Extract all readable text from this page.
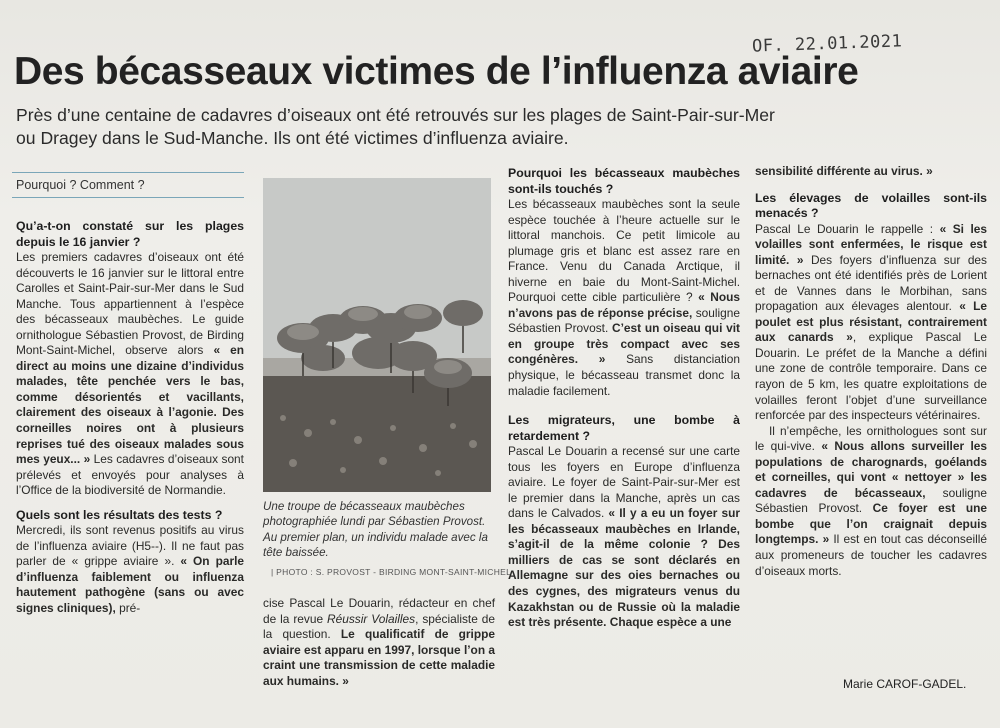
OF. 22.01.2021
Des bécasseaux victimes de l’influenza aviaire
Près d’une centaine de cadavres d’oiseaux ont été retrouvés sur les plages de Saint-Pair-sur-Mer
ou Dragey dans le Sud-Manche. Ils ont été victimes d’influenza aviaire.
Pourquoi ? Comment ?
Qu’a-t-on constaté sur les plages depuis le 16 janvier ?

Les premiers cadavres d’oiseaux ont été découverts le 16 janvier sur le littoral entre Carolles et Saint-Pair-sur-Mer dans le Sud Manche. Tous appartiennent à l’espèce des bécasseaux maubèches. Le guide ornithologue Sébastien Provost, de Birding Mont-Saint-Michel, observe alors « en direct au moins une dizaine d’individus malades, tête penchée vers le bas, comme désorientés et vacillants, clairement des oiseaux à l’agonie. Des corneilles noires ont à plusieurs reprises tué des oiseaux malades sous mes yeux... » Les cadavres d’oiseaux sont prélevés et envoyés pour analyses à l’Office de la biodiversité de Normandie.

Quels sont les résultats des tests ?

Mercredi, ils sont revenus positifs au virus de l’influenza aviaire (H5--). Il ne faut pas parler de « grippe aviaire ». « On parle d’influenza faiblement ou influenza hautement pathogène (sans ou avec signes cliniques), pré-

Une troupe de bécasseaux maubèches photographiée lundi par Sébastien Provost. Au premier plan, un individu malade avec la tête baissée.
| PHOTO : S. PROVOST - BIRDING MONT-SAINT-MICHEL

cise Pascal Le Douarin, rédacteur en chef de la revue Réussir Volailles, spécialiste de la question. Le qualificatif de grippe aviaire est apparu en 1997, lorsque l’on a craint une transmission de cette maladie aux humains. »

Pourquoi les bécasseaux maubèches sont-ils touchés ?

Les bécasseaux maubèches sont la seule espèce touchée à l’heure actuelle sur le littoral manchois. Ce petit limicole au plumage gris et blanc est assez rare en France. Venu du Canada Arctique, il hiverne en baie du Mont-Saint-Michel. Pourquoi cette cible particulière ? « Nous n’avons pas de réponse précise, souligne Sébastien Provost. C’est un oiseau qui vit en groupe très compact avec ses congénères. » Sans distanciation physique, le bécasseau transmet donc la maladie facilement.

Les migrateurs, une bombe à retardement ?

Pascal Le Douarin a recensé sur une carte tous les foyers en Europe d’influenza aviaire. Le foyer de Saint-Pair-sur-Mer est le premier dans la Manche, après un cas dans le Calvados. « Il y a eu un foyer sur les bécasseaux maubèches en Irlande, s’agit-il de la même colonie ? Des milliers de cas se sont déclarés en Allemagne sur des oies bernaches ou des cygnes, des migrateurs venus du Kazakhstan ou de Russie où la maladie est très présente. Chaque espèce a une

sensibilité différente au virus. »

Les élevages de volailles sont-ils menacés ?

Pascal Le Douarin le rappelle : « Si les volailles sont enfermées, le risque est limité. » Des foyers d’influenza sur des bernaches ont été identifiés près de Lorient et de Vannes dans le Morbihan, sans propagation aux élevages alentour. « Le poulet est plus résistant, contrairement aux canards », explique Pascal Le Douarin. Le préfet de la Manche a défini une zone de contrôle temporaire. Dans ce rayon de 5 km, les quatre exploitations de volailles feront l’objet d’une surveillance renforcée par des inspecteurs vétérinaires.

Il n’empêche, les ornithologues sont sur le qui-vive. « Nous allons surveiller les populations de charognards, goélands et corneilles, qui vont « nettoyer » les cadavres de bécasseaux, souligne Sébastien Provost. Ce foyer est une bombe que l’on craignait depuis longtemps. » Il est en tout cas déconseillé aux promeneurs de toucher les cadavres d’oiseaux morts.

Marie CAROF-GADEL.
